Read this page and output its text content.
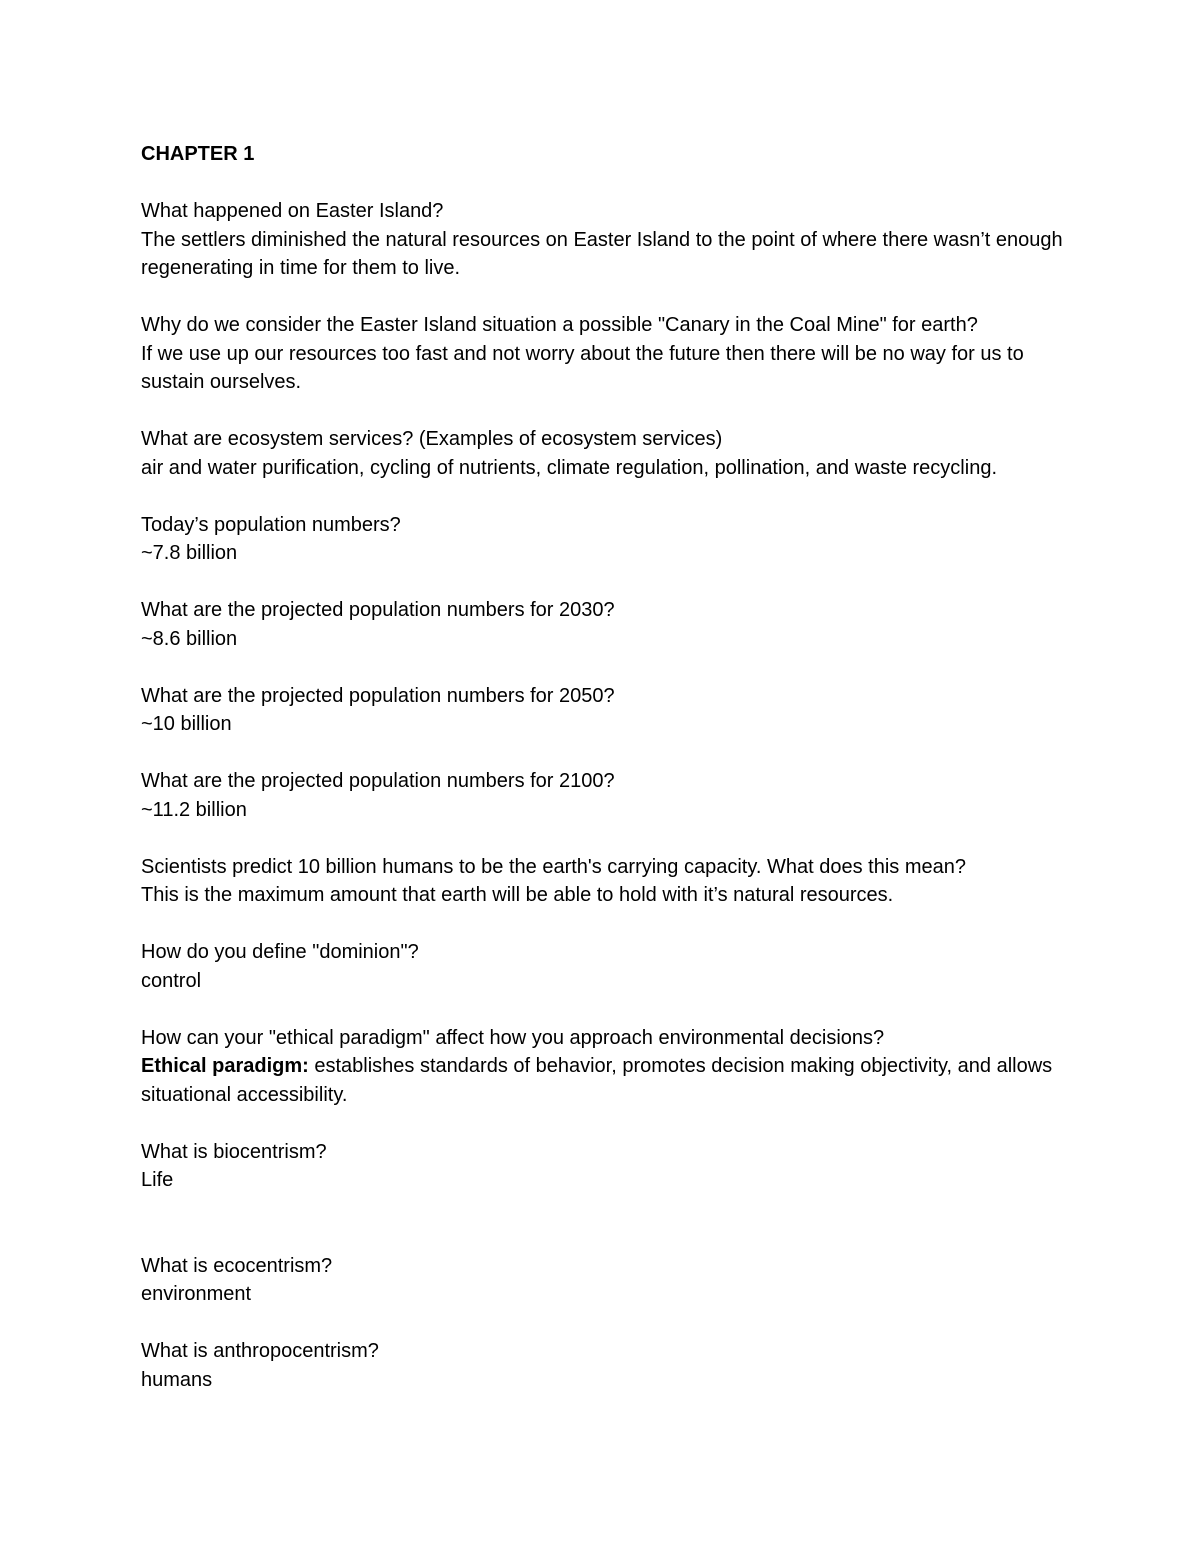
CHAPTER 1
What happened on Easter Island?
The settlers diminished the natural resources on Easter Island to the point of where there wasn’t enough regenerating in time for them to live.
Why do we consider the Easter Island situation a possible "Canary in the Coal Mine" for earth?
If we use up our resources too fast and not worry about the future then there will be no way for us to sustain ourselves.
What are ecosystem services? (Examples of ecosystem services)
air and water purification, cycling of nutrients, climate regulation, pollination, and waste recycling.
Today’s population numbers?
~7.8 billion
What are the projected population numbers for 2030?
~8.6 billion
What are the projected population numbers for 2050?
~10 billion
What are the projected population numbers for 2100?
~11.2 billion
Scientists predict 10 billion humans to be the earth's carrying capacity. What does this mean?
This is the maximum amount that earth will be able to hold with it’s natural resources.
How do you define "dominion"?
control
How can your "ethical paradigm" affect how you approach environmental decisions?
Ethical paradigm: establishes standards of behavior, promotes decision making objectivity, and allows situational accessibility.
What is biocentrism?
Life
What is ecocentrism?
environment
What is anthropocentrism?
humans
